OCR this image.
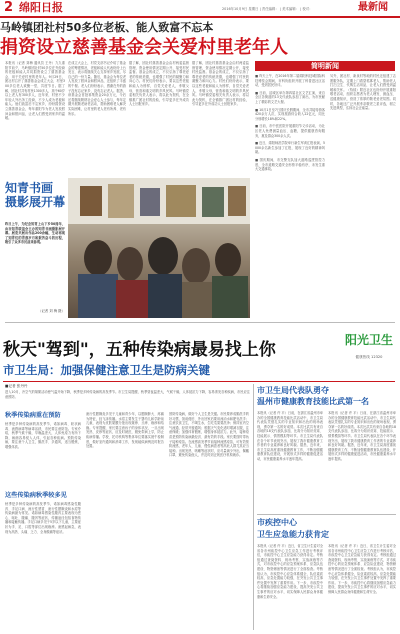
2 绵阳日报	2016年10月9日 星期日 | 责任编辑： | 美术编辑： | 校对：	最新闻
马岭镇团社村50多位老板、能人致富不忘本
捐资设立慈善基金会关爱村里老年人
本报讯（记者 刘梅 通讯员 王丹）九九重阳节前夕，马岭镇团社村50多位在外经商的老板和能人共同捐资设立了慈善基金会，用于关爱村里的老年人。9月29日，团社村召开了慈善基金会成立大会，村里300多位老人欢聚一堂，共度节日。据了解，团社村共有村民1300多人，其中60岁以上老人有300多人，近年来，村里不少年轻人外出务工经商，不少人成为老板和能人。他们致富后不忘家乡，纷纷捐资设立慈善基金会，每年重阳节为老人发放慰问金和慰问品，让老人们感受到家乡的温暖。
在成立大会上，村党支部书记介绍了基金会的筹建情况，老板和能人代表纷纷上台发言，表示将继续关心支持家乡发展，尽自己的一份力量。随后，基金会为每位老人发放了慰问金和慰问品，还组织了丰盛的午餐。老人们纷纷表示，感谢在外的游子没有忘记家乡，没有忘记老人。据悉，该基金会首批募集资金20余万元，今后还将继续吸纳社会爱心人士参与，每年定期开展敬老助老活动，帮助困难老人解决实际困难，让村里的老人老有所养、老有所乐。
据了解，团社村慈善基金会由村两委监督管理，资金使用情况定期公开，接受村民监督。基金会的成立，不仅弘扬了尊老爱老的传统美德，也增强了村民的凝聚力和向心力。村民们纷纷表示，要以这些老板和能人为榜样，自觉关爱老人，孝敬父母，营造和谐文明的乡风民风。马岭镇党委相关负责人表示，将以此为契机，在全镇推广团社村的经验，引导更多在外成功人士回报家乡。
据了解，团社村慈善基金会由村两委监督管理，资金使用情况定期公开，接受村民监督。基金会的成立，不仅弘扬了尊老爱老的传统美德，也增强了村民的凝聚力和向心力。村民们纷纷表示，要以这些老板和能人为榜样，自觉关爱老人，孝敬父母，营造和谐文明的乡风民风。马岭镇党委相关负责人表示，将以此为契机，在全镇推广团社村的经验，引导更多在外成功人士回报家乡。
简明新闻

■ 昨天上午，在2016年第二届绵阳科技城国际科技博览会期间，市科协组织开展了科普进社区活动，受到居民好评。

■ 日前，涪城区举办第四届社区文艺汇演，来自全区各街道的13支代表队参加了演出，为市民献上了精彩的文艺大餐。

■ 10月1日至7日国庆长假期间，全市共接待游客420余万人次，实现旅游综合收入22亿元，同比分别增长18%和22%。

■ 日前，市中医医院开展重阳节义诊活动，为社区老人免费测量血压、血糖，提供健康咨询服务，惠及群众300余人次。

■ 近日，绵阳师范学院举行新生军训汇报表演，5000余名新生参加了汇报，展现了良好的精神风貌。

■ 国庆期间，市交警支队加大道路巡逻管控力度，全市道路交通安全形势平稳有序，未发生重大交通事故。

另外，团社村、新泉村等地的村民还组建了志愿服务队，定期上门看望孤寡老人，帮助老人打扫卫生、代购生活用品，让老人们感受到温暖和关怀。（待续）附近社区也纷纷开展重阳敬老活动，组织志愿者为老人理发、测血压、送健康知识，营造了浓厚的敬老爱老氛围。同时，各地还广泛开展孝亲敬老之星评选，树立先进典型，弘扬社会正能量。
知青书画
摄影展开幕
昨日上午，为纪念知青上山下乡50周年，由市知青联谊会主办的知青书画摄影展开幕。展览共展出作品200余幅，生动再现了知青们的青春岁月和艰苦奋斗的历程，吸引了众多市民前来参观。
（记者 刘 梅 摄）
秋天"驾到"，五种传染病最易找上你
市卫生局：加强保健注意卫生是防病关键
阳光卫生
健康热线 12320
■记者 张丹丹
进入10月，冷空气的频繁活动使气温开始下降，秋季是多种传染病的高发季节。市卫生局提醒，秋季昼夜温差大，气候干燥，人体抵抗力下降，容易诱发各种疾病，市民应注意预防。
秋季传染病重在预防
秋季是多种传染病的高发季节，诺如病毒、轮状病毒、流感病毒等病毒活跃，市民要注意防范。专家介绍，秋季气候干燥，早晚温差大，人体免疫力有所下降，病菌容易侵入人体，引起各种疾病。预防传染病，要注意个人卫生，勤洗手、多通风，适当锻炼，增强体质。
这些传染病秋季较多见
秋季是多种传染病的高发季节，诺如病毒感染性腹泻、手足口病、流行性感冒、流行性腮腺炎和水痘等传染病最为常见。诺如病毒感染性腹泻主要表现为恶心、呕吐、腹痛、腹泻等症状，传播途径包括食物传播和接触传播。手足口病多见于5岁以下儿童，主要症状为手、足、口腔等部位出现疱疹。流感起病急，表现为高热、头痛、乏力、全身酸痛等症状。
流行性腮腺炎多见于儿童和青少年，以腮腺肿大、疼痛为特征，经飞沫传播。水痘主要发生于婴幼儿和学龄前儿童，表现为皮肤黏膜分批出现斑疹、丘疹、疱疹和结痂。专家提醒，家长要注意孩子的身体状况，一旦出现发热、皮疹等症状，应及时就医，避免带病上学，防止疾病传播。学校、托幼机构等集体单位要落实晨午检制度，做好室内通风和消毒工作，发现疑似病例及时报告处置。
预防传染病，做好个人卫生是关键。市民要养成勤洗手的好习惯，饭前便后、外出回家后要用流动水和肥皂洗手；注意饮食卫生，不喝生水，生吃瓜果要洗净；保持室内空气流通，经常开窗通风；根据天气变化适时增减衣服，注意保暖；加强体育锻炼，增强身体抵抗力。此外，接种疫苗是预防传染病最经济、最有效的手段。家长要按时带孩子接种疫苗。在流感高发季节前接种流感疫苗，可有效预防流感，老年人、儿童、慢性病患者等高危人群尤其应当接种。出现发热、咳嗽等症状时，应尽量减少外出，佩戴口罩，避免传染他人，并及时到正规医疗机构就诊。
市卫生局代表队勇夺
温州市健康教育技能比武第一名
本报讯（记者 许 平）日前，在浙江省温州市举办的全国健康教育技能比武活动中，市卫生局代表队凭借扎实的专业知识和出色的现场表现，勇夺第一名的好成绩。本次比武共有来自各地的18支代表队参加，比赛分为知识竞赛、技能展示、情景模拟等环节。市卫生局代表队在各个环节表现突出，展现了我市健康教育工作者的专业素养和良好风貌。据悉，近年来，市卫生局高度重视健康教育工作，不断加强健康教育队伍建设，开展形式多样的健康促进活动，市民健康素养水平逐年提高。
本报讯（记者 许 平）日前，在浙江省温州市举办的全国健康教育技能比武活动中，市卫生局代表队凭借扎实的专业知识和出色的现场表现，勇夺第一名的好成绩。本次比武共有来自各地的18支代表队参加，比赛分为知识竞赛、技能展示、情景模拟等环节。市卫生局代表队在各个环节表现突出，展现了我市健康教育工作者的专业素养和良好风貌。据悉，近年来，市卫生局高度重视健康教育工作，不断加强健康教育队伍建设，开展形式多样的健康促进活动，市民健康素养水平逐年提高。
市疾控中心
卫生应急能力获肯定
本报讯（记者 许 平）近日，省卫生计生委对全省各市州疾控中心卫生应急工作进行考核评估，市疾控中心卫生应急能力获得肯定。考核组通过查阅资料、现场考察、实战演练等方式，对市疾控中心的应急预案体系、应急队伍建设、物资储备等情况进行了全面检查。考核组认为，市疾控中心应急体系健全，队伍素质较高，应急处置能力较强，在突发公共卫生事件处置中发挥了重要作用。下一步，市疾控中心将继续加强应急能力建设，提高突发公共卫生事件的应对水平，切实保障人民群众身体健康和生命安全。
本报讯（记者 许 平）近日，省卫生计生委对全省各市州疾控中心卫生应急工作进行考核评估，市疾控中心卫生应急能力获得肯定。考核组通过查阅资料、现场考察、实战演练等方式，对市疾控中心的应急预案体系、应急队伍建设、物资储备等情况进行了全面检查。考核组认为，市疾控中心应急体系健全，队伍素质较高，应急处置能力较强，在突发公共卫生事件处置中发挥了重要作用。下一步，市疾控中心将继续加强应急能力建设，提高突发公共卫生事件的应对水平，切实保障人民群众身体健康和生命安全。
